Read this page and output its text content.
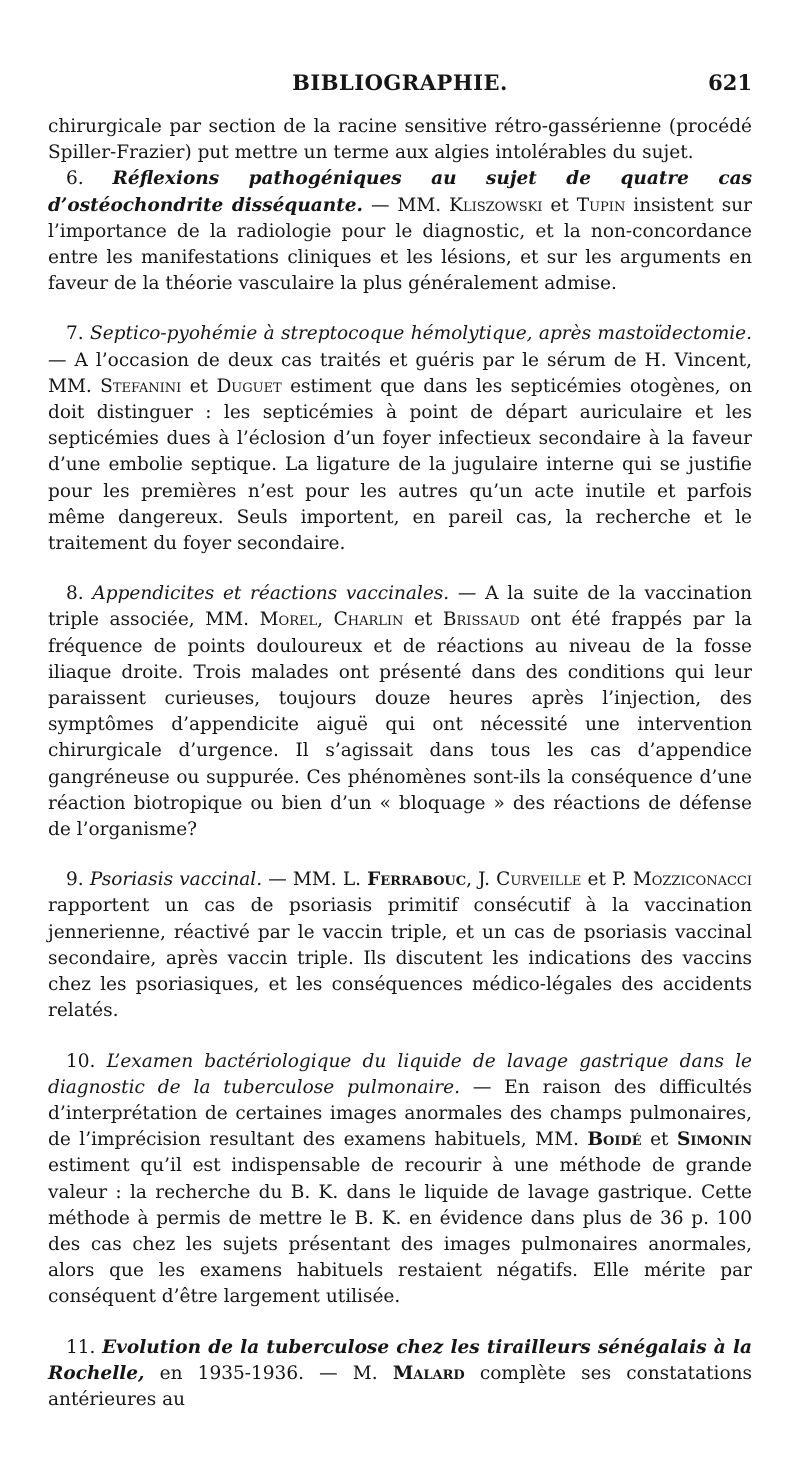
BIBLIOGRAPHIE.	621

chirurgicale par section de la racine sensitive rétro-gassérienne (procédé Spiller-Frazier) put mettre un terme aux algies intolérables du sujet.

6. Réflexions pathogéniques au sujet de quatre cas d’ostéochondrite disséquante. — MM. Kliszowski et Tupin insistent sur l’importance de la radiologie pour le diagnostic, et la non-concordance entre les manifestations cliniques et les lésions, et sur les arguments en faveur de la théorie vasculaire la plus généralement admise.

7. Septico-pyohémie à streptocoque hémolytique, après mastoïdectomie. — A l’occasion de deux cas traités et guéris par le sérum de H. Vincent, MM. Stefanini et Duguet estiment que dans les septicémies otogènes, on doit distinguer : les septicémies à point de départ auriculaire et les septicémies dues à l’éclosion d’un foyer infectieux secondaire à la faveur d’une embolie septique. La ligature de la jugulaire interne qui se justifie pour les premières n’est pour les autres qu’un acte inutile et parfois même dangereux. Seuls importent, en pareil cas, la recherche et le traitement du foyer secondaire.

8. Appendicites et réactions vaccinales. — A la suite de la vaccination triple associée, MM. Morel, Charlin et Brissaud ont été frappés par la fréquence de points douloureux et de réactions au niveau de la fosse iliaque droite. Trois malades ont présenté dans des conditions qui leur paraissent curieuses, toujours douze heures après l’injection, des symptômes d’appendicite aiguë qui ont nécessité une intervention chirurgicale d’urgence. Il s’agissait dans tous les cas d’appendice gangréneuse ou suppurée. Ces phénomènes sont-ils la conséquence d’une réaction biotropique ou bien d’un « bloquage » des réactions de défense de l’organisme?

9. Psoriasis vaccinal. — MM. L. Ferrabouc, J. Curveille et P. Mozziconacci rapportent un cas de psoriasis primitif consécutif à la vaccination jennerienne, réactivé par le vaccin triple, et un cas de psoriasis vaccinal secondaire, après vaccin triple. Ils discutent les indications des vaccins chez les psoriasiques, et les conséquences médico-légales des accidents relatés.

10. L’examen bactériologique du liquide de lavage gastrique dans le diagnostic de la tuberculose pulmonaire. — En raison des difficultés d’interprétation de certaines images anormales des champs pulmonaires, de l’imprécision resultant des examens habituels, MM. Boidé et Simonin estiment qu’il est indispensable de recourir à une méthode de grande valeur : la recherche du B. K. dans le liquide de lavage gastrique. Cette méthode à permis de mettre le B. K. en évidence dans plus de 36 p. 100 des cas chez les sujets présentant des images pulmonaires anormales, alors que les examens habituels restaient négatifs. Elle mérite par conséquent d’être largement utilisée.

11. Evolution de la tuberculose chez les tirailleurs sénégalais à la Rochelle, en 1935-1936. — M. Malard complète ses constatations antérieures au
